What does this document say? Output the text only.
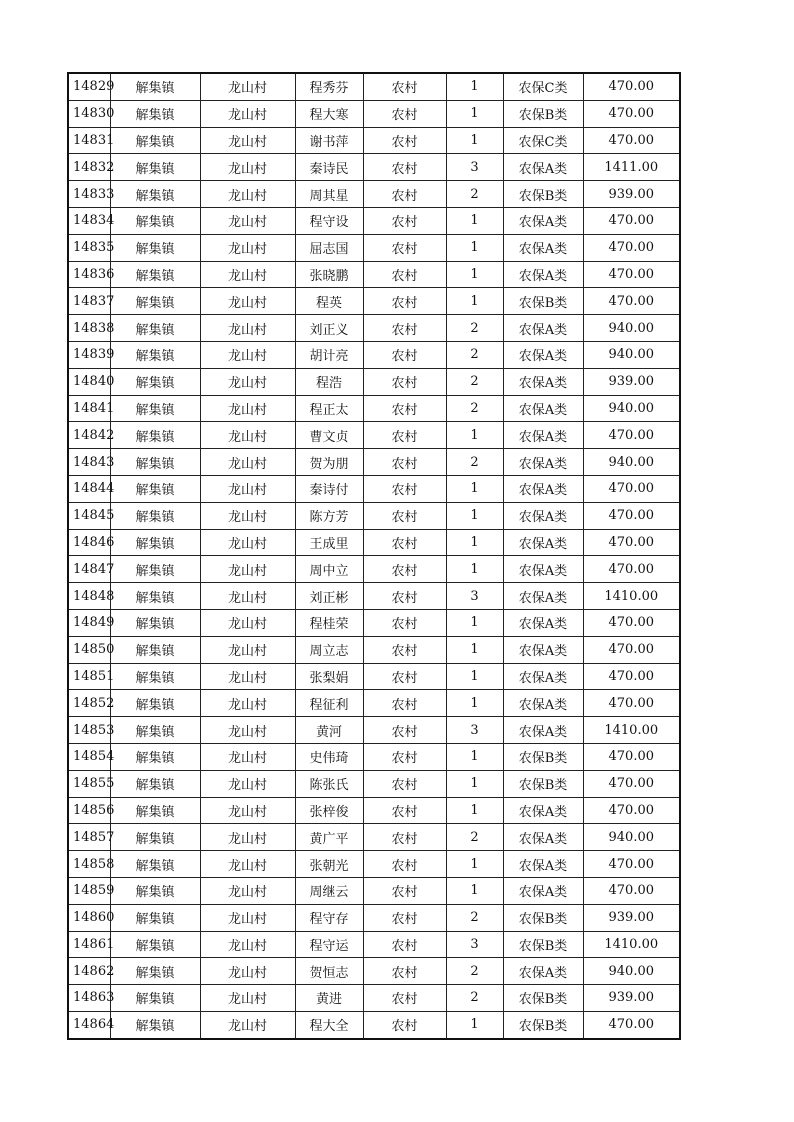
14829	解集镇	龙山村	程秀芬	农村	1	农保C类	470.00
14830	解集镇	龙山村	程大寒	农村	1	农保B类	470.00
14831	解集镇	龙山村	谢书萍	农村	1	农保C类	470.00
14832	解集镇	龙山村	秦诗民	农村	3	农保A类	1411.00
14833	解集镇	龙山村	周其星	农村	2	农保B类	939.00
14834	解集镇	龙山村	程守设	农村	1	农保A类	470.00
14835	解集镇	龙山村	屈志国	农村	1	农保A类	470.00
14836	解集镇	龙山村	张晓鹏	农村	1	农保A类	470.00
14837	解集镇	龙山村	程英	农村	1	农保B类	470.00
14838	解集镇	龙山村	刘正义	农村	2	农保A类	940.00
14839	解集镇	龙山村	胡计亮	农村	2	农保A类	940.00
14840	解集镇	龙山村	程浩	农村	2	农保A类	939.00
14841	解集镇	龙山村	程正太	农村	2	农保A类	940.00
14842	解集镇	龙山村	曹文贞	农村	1	农保A类	470.00
14843	解集镇	龙山村	贺为朋	农村	2	农保A类	940.00
14844	解集镇	龙山村	秦诗付	农村	1	农保A类	470.00
14845	解集镇	龙山村	陈方芳	农村	1	农保A类	470.00
14846	解集镇	龙山村	王成里	农村	1	农保A类	470.00
14847	解集镇	龙山村	周中立	农村	1	农保A类	470.00
14848	解集镇	龙山村	刘正彬	农村	3	农保A类	1410.00
14849	解集镇	龙山村	程桂荣	农村	1	农保A类	470.00
14850	解集镇	龙山村	周立志	农村	1	农保A类	470.00
14851	解集镇	龙山村	张梨娟	农村	1	农保A类	470.00
14852	解集镇	龙山村	程征利	农村	1	农保A类	470.00
14853	解集镇	龙山村	黄河	农村	3	农保A类	1410.00
14854	解集镇	龙山村	史伟琦	农村	1	农保B类	470.00
14855	解集镇	龙山村	陈张氏	农村	1	农保B类	470.00
14856	解集镇	龙山村	张梓俊	农村	1	农保A类	470.00
14857	解集镇	龙山村	黄广平	农村	2	农保A类	940.00
14858	解集镇	龙山村	张朝光	农村	1	农保A类	470.00
14859	解集镇	龙山村	周继云	农村	1	农保A类	470.00
14860	解集镇	龙山村	程守存	农村	2	农保B类	939.00
14861	解集镇	龙山村	程守运	农村	3	农保B类	1410.00
14862	解集镇	龙山村	贺恒志	农村	2	农保A类	940.00
14863	解集镇	龙山村	黄进	农村	2	农保B类	939.00
14864	解集镇	龙山村	程大全	农村	1	农保B类	470.00
